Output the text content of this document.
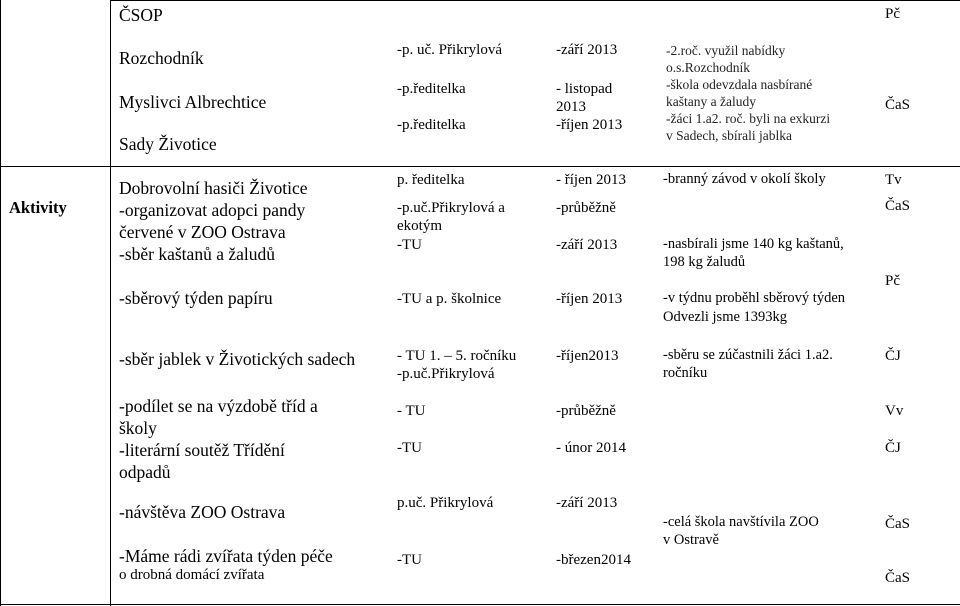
Aktivity
ČSOP
Rozchodník
Myslivci Albrechtice
Sady Životice
-p. uč. Přikrylová
-p.ředitelka
-p.ředitelka
-září 2013
- listopad
2013
-říjen 2013
-2.roč. využil nabídky
o.s.Rozchodník
-škola odevzdala nasbírané
kaštany a žaludy
-žáci 1.a2. roč. byli na exkurzi
v Sadech, sbírali jablka
Pč
ČaS
Dobrovolní hasiči Životice
-organizovat adopci pandy
červené v ZOO Ostrava
-sběr kaštanů a žaludů
-sběrový týden papíru
p. ředitelka
-p.uč.Přikrylová a
ekotým
-TU
-TU a p. školnice
- říjen 2013
-průběžně
-září 2013
-říjen 2013
-branný závod v okolí školy
-nasbírali jsme 140 kg kaštanů,
198 kg žaludů
-v týdnu proběhl sběrový týden
Odvezli jsme 1393kg
Tv
ČaS
Pč
-sběr jablek v Životických sadech	- TU 1. – 5. ročníku
-p.uč.Přikrylová
-říjen2013	-sběru se zúčastnili žáci 1.a2.
ročníku
ČJ
-podílet se na výzdobě tříd a
školy
-literární soutěž Třídění
odpadů
- TU
-TU
-průběžně
- únor 2014
Vv
ČJ
-návštěva ZOO Ostrava
-Máme rádi zvířata týden péče
o drobná domácí zvířata
p.uč. Přikrylová
-TU
-září 2013
-březen2014
-celá škola navštívila ZOO
v Ostravě
ČaS
ČaS
